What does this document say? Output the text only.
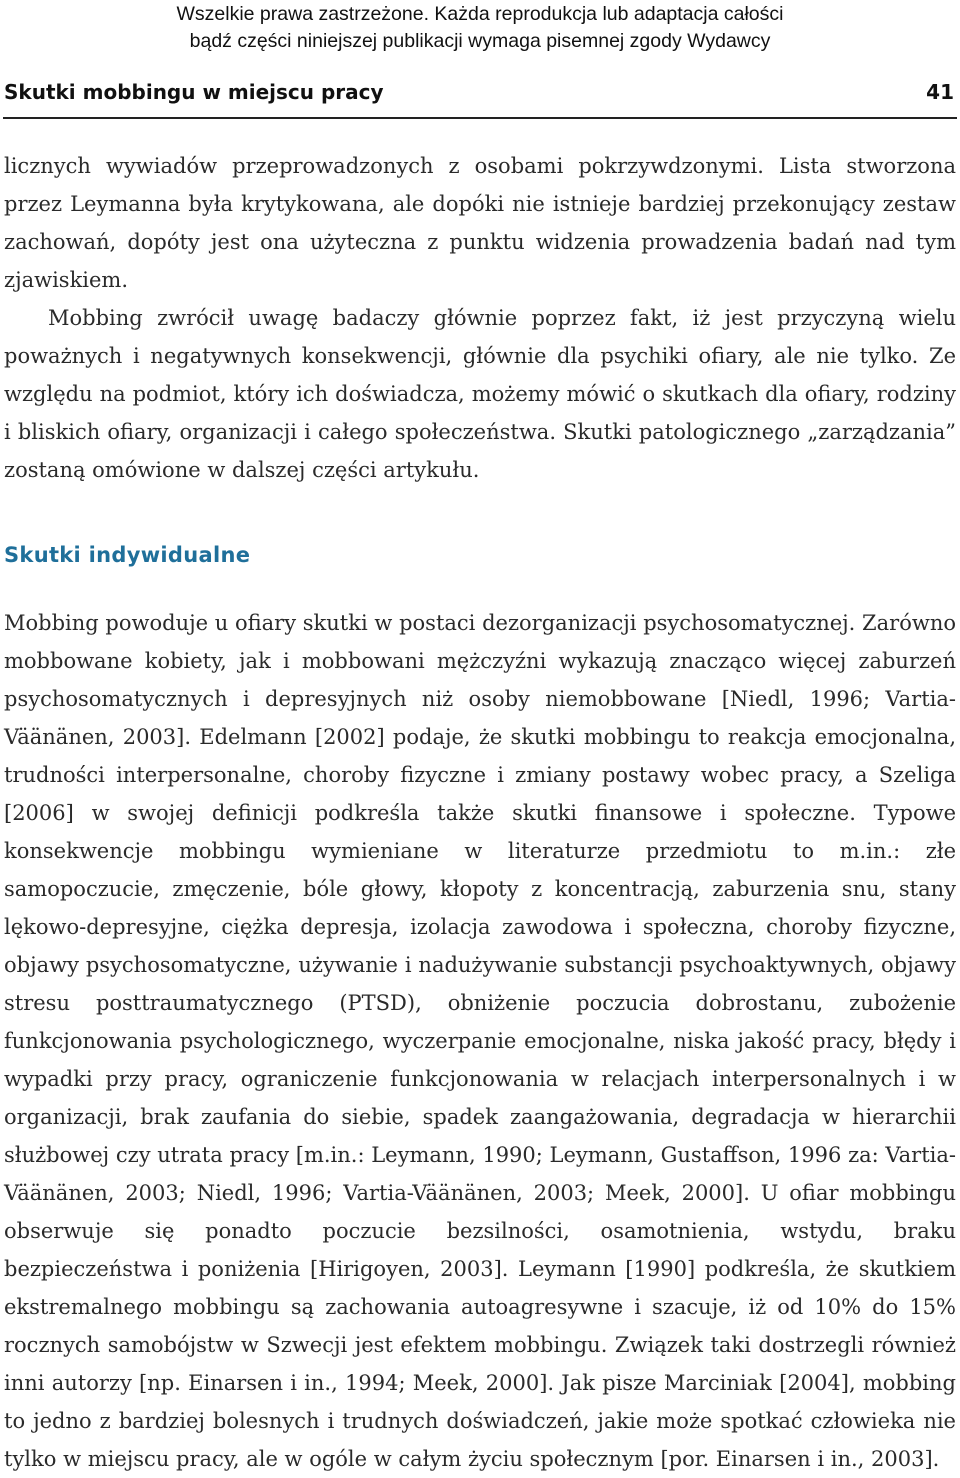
Wszelkie prawa zastrzeżone. Każda reprodukcja lub adaptacja całości
bądź części niniejszej publikacji wymaga pisemnej zgody Wydawcy
Skutki mobbingu w miejscu pracy	41

licznych wywiadów przeprowadzonych z osobami pokrzywdzonymi. Lista stworzona przez Leymanna była krytykowana, ale dopóki nie istnieje bardziej przekonujący zestaw zachowań, dopóty jest ona użyteczna z punktu widzenia prowadzenia badań nad tym zjawiskiem.

Mobbing zwrócił uwagę badaczy głównie poprzez fakt, iż jest przyczyną wielu poważnych i negatywnych konsekwencji, głównie dla psychiki ofiary, ale nie tylko. Ze względu na podmiot, który ich doświadcza, możemy mówić o skutkach dla ofiary, rodziny i bliskich ofiary, organizacji i całego społeczeństwa. Skutki patologicznego „zarządzania” zostaną omówione w dalszej części artykułu.

Skutki indywidualne

Mobbing powoduje u ofiary skutki w postaci dezorganizacji psychosomatycznej. Zarówno mobbowane kobiety, jak i mobbowani mężczyźni wykazują znacząco więcej zaburzeń psychosomatycznych i depresyjnych niż osoby niemobbowane [Niedl, 1996; Vartia-Väänänen, 2003]. Edelmann [2002] podaje, że skutki mobbingu to reakcja emocjonalna, trudności interpersonalne, choroby fizyczne i zmiany postawy wobec pracy, a Szeliga [2006] w swojej definicji podkreśla także skutki finansowe i społeczne. Typowe konsekwencje mobbingu wymieniane w literaturze przedmiotu to m.in.: złe samopoczucie, zmęczenie, bóle głowy, kłopoty z koncentracją, zaburzenia snu, stany lękowo-depresyjne, ciężka depresja, izolacja zawodowa i społeczna, choroby fizyczne, objawy psychosomatyczne, używanie i nadużywanie substancji psychoaktywnych, objawy stresu posttraumatycznego (PTSD), obniżenie poczucia dobrostanu, zubożenie funkcjonowania psychologicznego, wyczerpanie emocjonalne, niska jakość pracy, błędy i wypadki przy pracy, ograniczenie funkcjonowania w relacjach interpersonalnych i w organizacji, brak zaufania do siebie, spadek zaangażowania, degradacja w hierarchii służbowej czy utrata pracy [m.in.: Leymann, 1990; Leymann, Gustaffson, 1996 za: Vartia-Väänänen, 2003; Niedl, 1996; Vartia-Väänänen, 2003; Meek, 2000]. U ofiar mobbingu obserwuje się ponadto poczucie bezsilności, osamotnienia, wstydu, braku bezpieczeństwa i poniżenia [Hirigoyen, 2003]. Leymann [1990] podkreśla, że skutkiem ekstremalnego mobbingu są zachowania autoagresywne i szacuje, iż od 10% do 15% rocznych samobójstw w Szwecji jest efektem mobbingu. Związek taki dostrzegli również inni autorzy [np. Einarsen i in., 1994; Meek, 2000]. Jak pisze Marciniak [2004], mobbing to jedno z bardziej bolesnych i trudnych doświadczeń, jakie może spotkać człowieka nie tylko w miejscu pracy, ale w ogóle w całym życiu społecznym [por. Einarsen i in., 2003].
